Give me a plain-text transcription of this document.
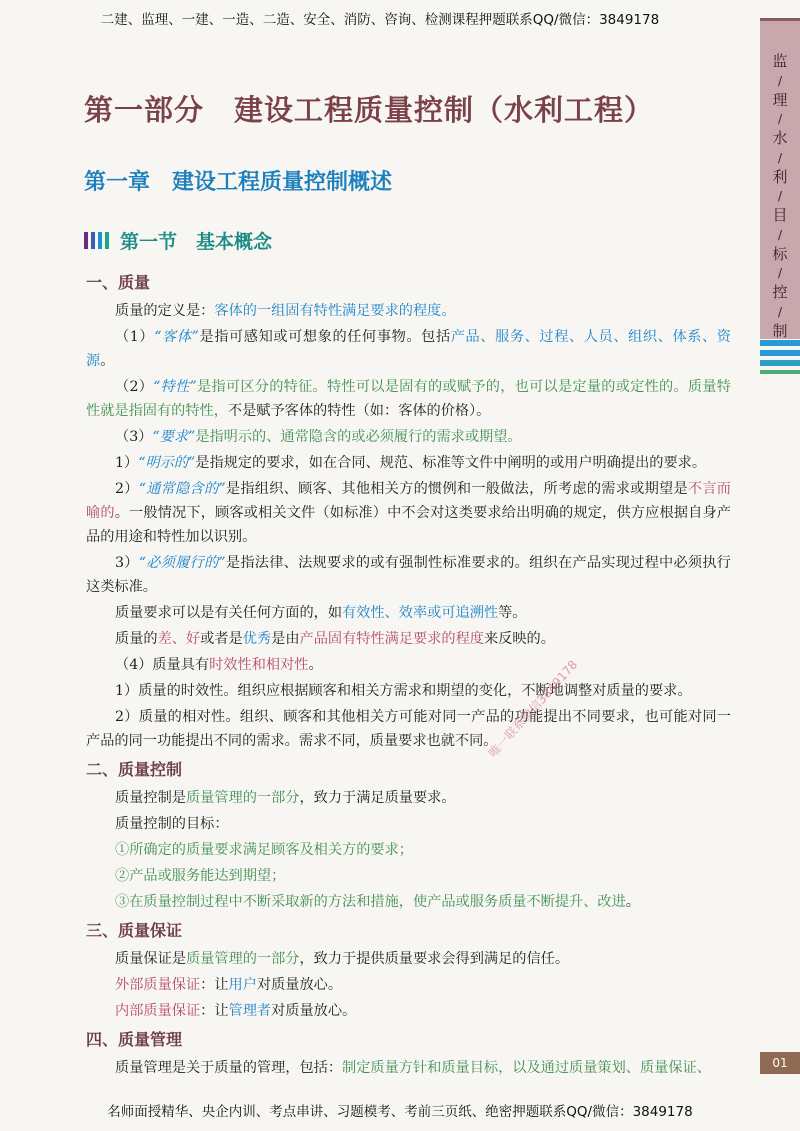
二建、监理、一建、一造、二造、安全、消防、咨询、检测课程押题联系QQ/微信：3849178
监
/
理
/
水
/
利
/
目
/
标
/
控
/
制
第一部分　建设工程质量控制（水利工程）
第一章　建设工程质量控制概述
第一节　基本概念
一、质量

质量的定义是：客体的一组固有特性满足要求的程度。

（1）“客体”是指可感知或可想象的任何事物。包括产品、服务、过程、人员、组织、体系、资源。

（2）“特性”是指可区分的特征。特性可以是固有的或赋予的，也可以是定量的或定性的。质量特性就是指固有的特性，不是赋予客体的特性（如：客体的价格）。

（3）“要求”是指明示的、通常隐含的或必须履行的需求或期望。

1）“明示的”是指规定的要求，如在合同、规范、标准等文件中阐明的或用户明确提出的要求。

2）“通常隐含的”是指组织、顾客、其他相关方的惯例和一般做法，所考虑的需求或期望是不言而喻的。一般情况下，顾客或相关文件（如标准）中不会对这类要求给出明确的规定，供方应根据自身产品的用途和特性加以识别。

3）“必须履行的”是指法律、法规要求的或有强制性标准要求的。组织在产品实现过程中必须执行这类标准。

质量要求可以是有关任何方面的，如有效性、效率或可追溯性等。

质量的差、好或者是优秀是由产品固有特性满足要求的程度来反映的。

（4）质量具有时效性和相对性。

1）质量的时效性。组织应根据顾客和相关方需求和期望的变化，不断地调整对质量的要求。

2）质量的相对性。组织、顾客和其他相关方可能对同一产品的功能提出不同要求，也可能对同一产品的同一功能提出不同的需求。需求不同，质量要求也就不同。

二、质量控制

质量控制是质量管理的一部分，致力于满足质量要求。

质量控制的目标：

①所确定的质量要求满足顾客及相关方的要求；

②产品或服务能达到期望；

③在质量控制过程中不断采取新的方法和措施，使产品或服务质量不断提升、改进。

三、质量保证

质量保证是质量管理的一部分，致力于提供质量要求会得到满足的信任。

外部质量保证：让用户对质量放心。

内部质量保证：让管理者对质量放心。

四、质量管理

质量管理是关于质量的管理，包括：制定质量方针和质量目标，以及通过质量策划、质量保证、

唯一联系微信3849178
01
名师面授精华、央企内训、考点串讲、习题模考、考前三页纸、绝密押题联系QQ/微信：3849178
